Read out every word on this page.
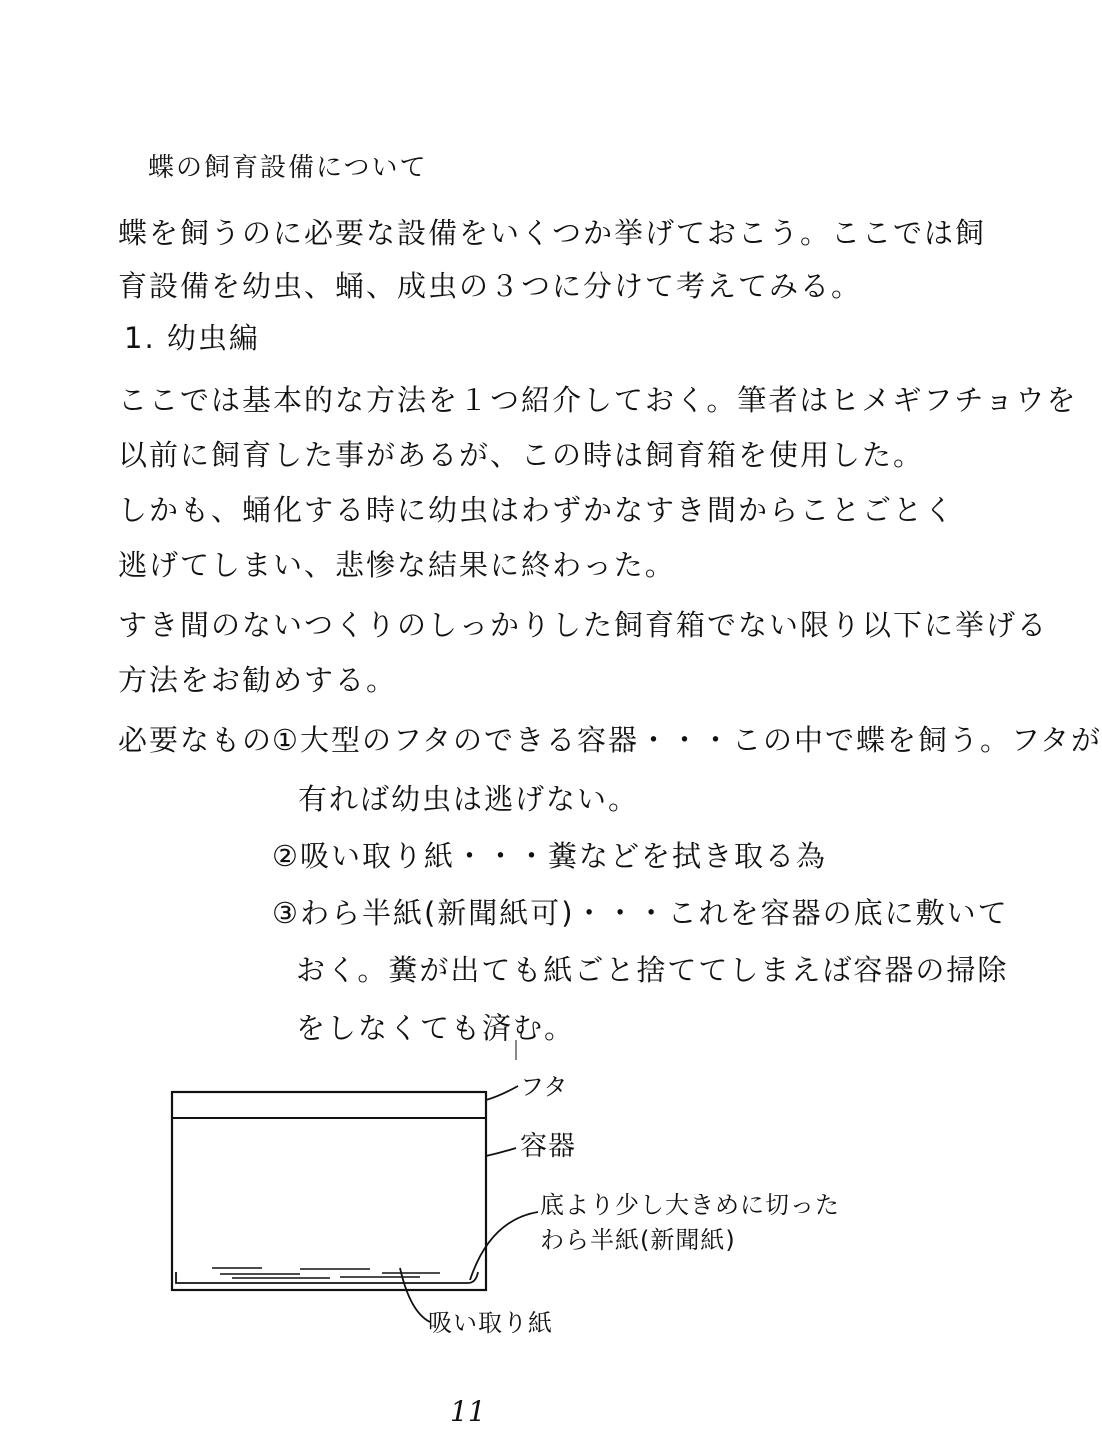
蝶の飼育設備について
蝶を飼うのに必要な設備をいくつか挙げておこう。ここでは飼
育設備を幼虫、蛹、成虫の３つに分けて考えてみる。
1. 幼虫編
ここでは基本的な方法を１つ紹介しておく。筆者はヒメギフチョウを
以前に飼育した事があるが、この時は飼育箱を使用した。
しかも、蛹化する時に幼虫はわずかなすき間からことごとく
逃げてしまい、悲惨な結果に終わった。
すき間のないつくりのしっかりした飼育箱でない限り以下に挙げる
方法をお勧めする。
必要なもの
①大型のフタのできる容器・・・この中で蝶を飼う。フタが
有れば幼虫は逃げない。
②吸い取り紙・・・糞などを拭き取る為
③わら半紙(新聞紙可)・・・これを容器の底に敷いて
おく。糞が出ても紙ごと捨ててしまえば容器の掃除
をしなくても済む。
フタ
容器
底より少し大きめに切った
わら半紙(新聞紙)
吸い取り紙
11
